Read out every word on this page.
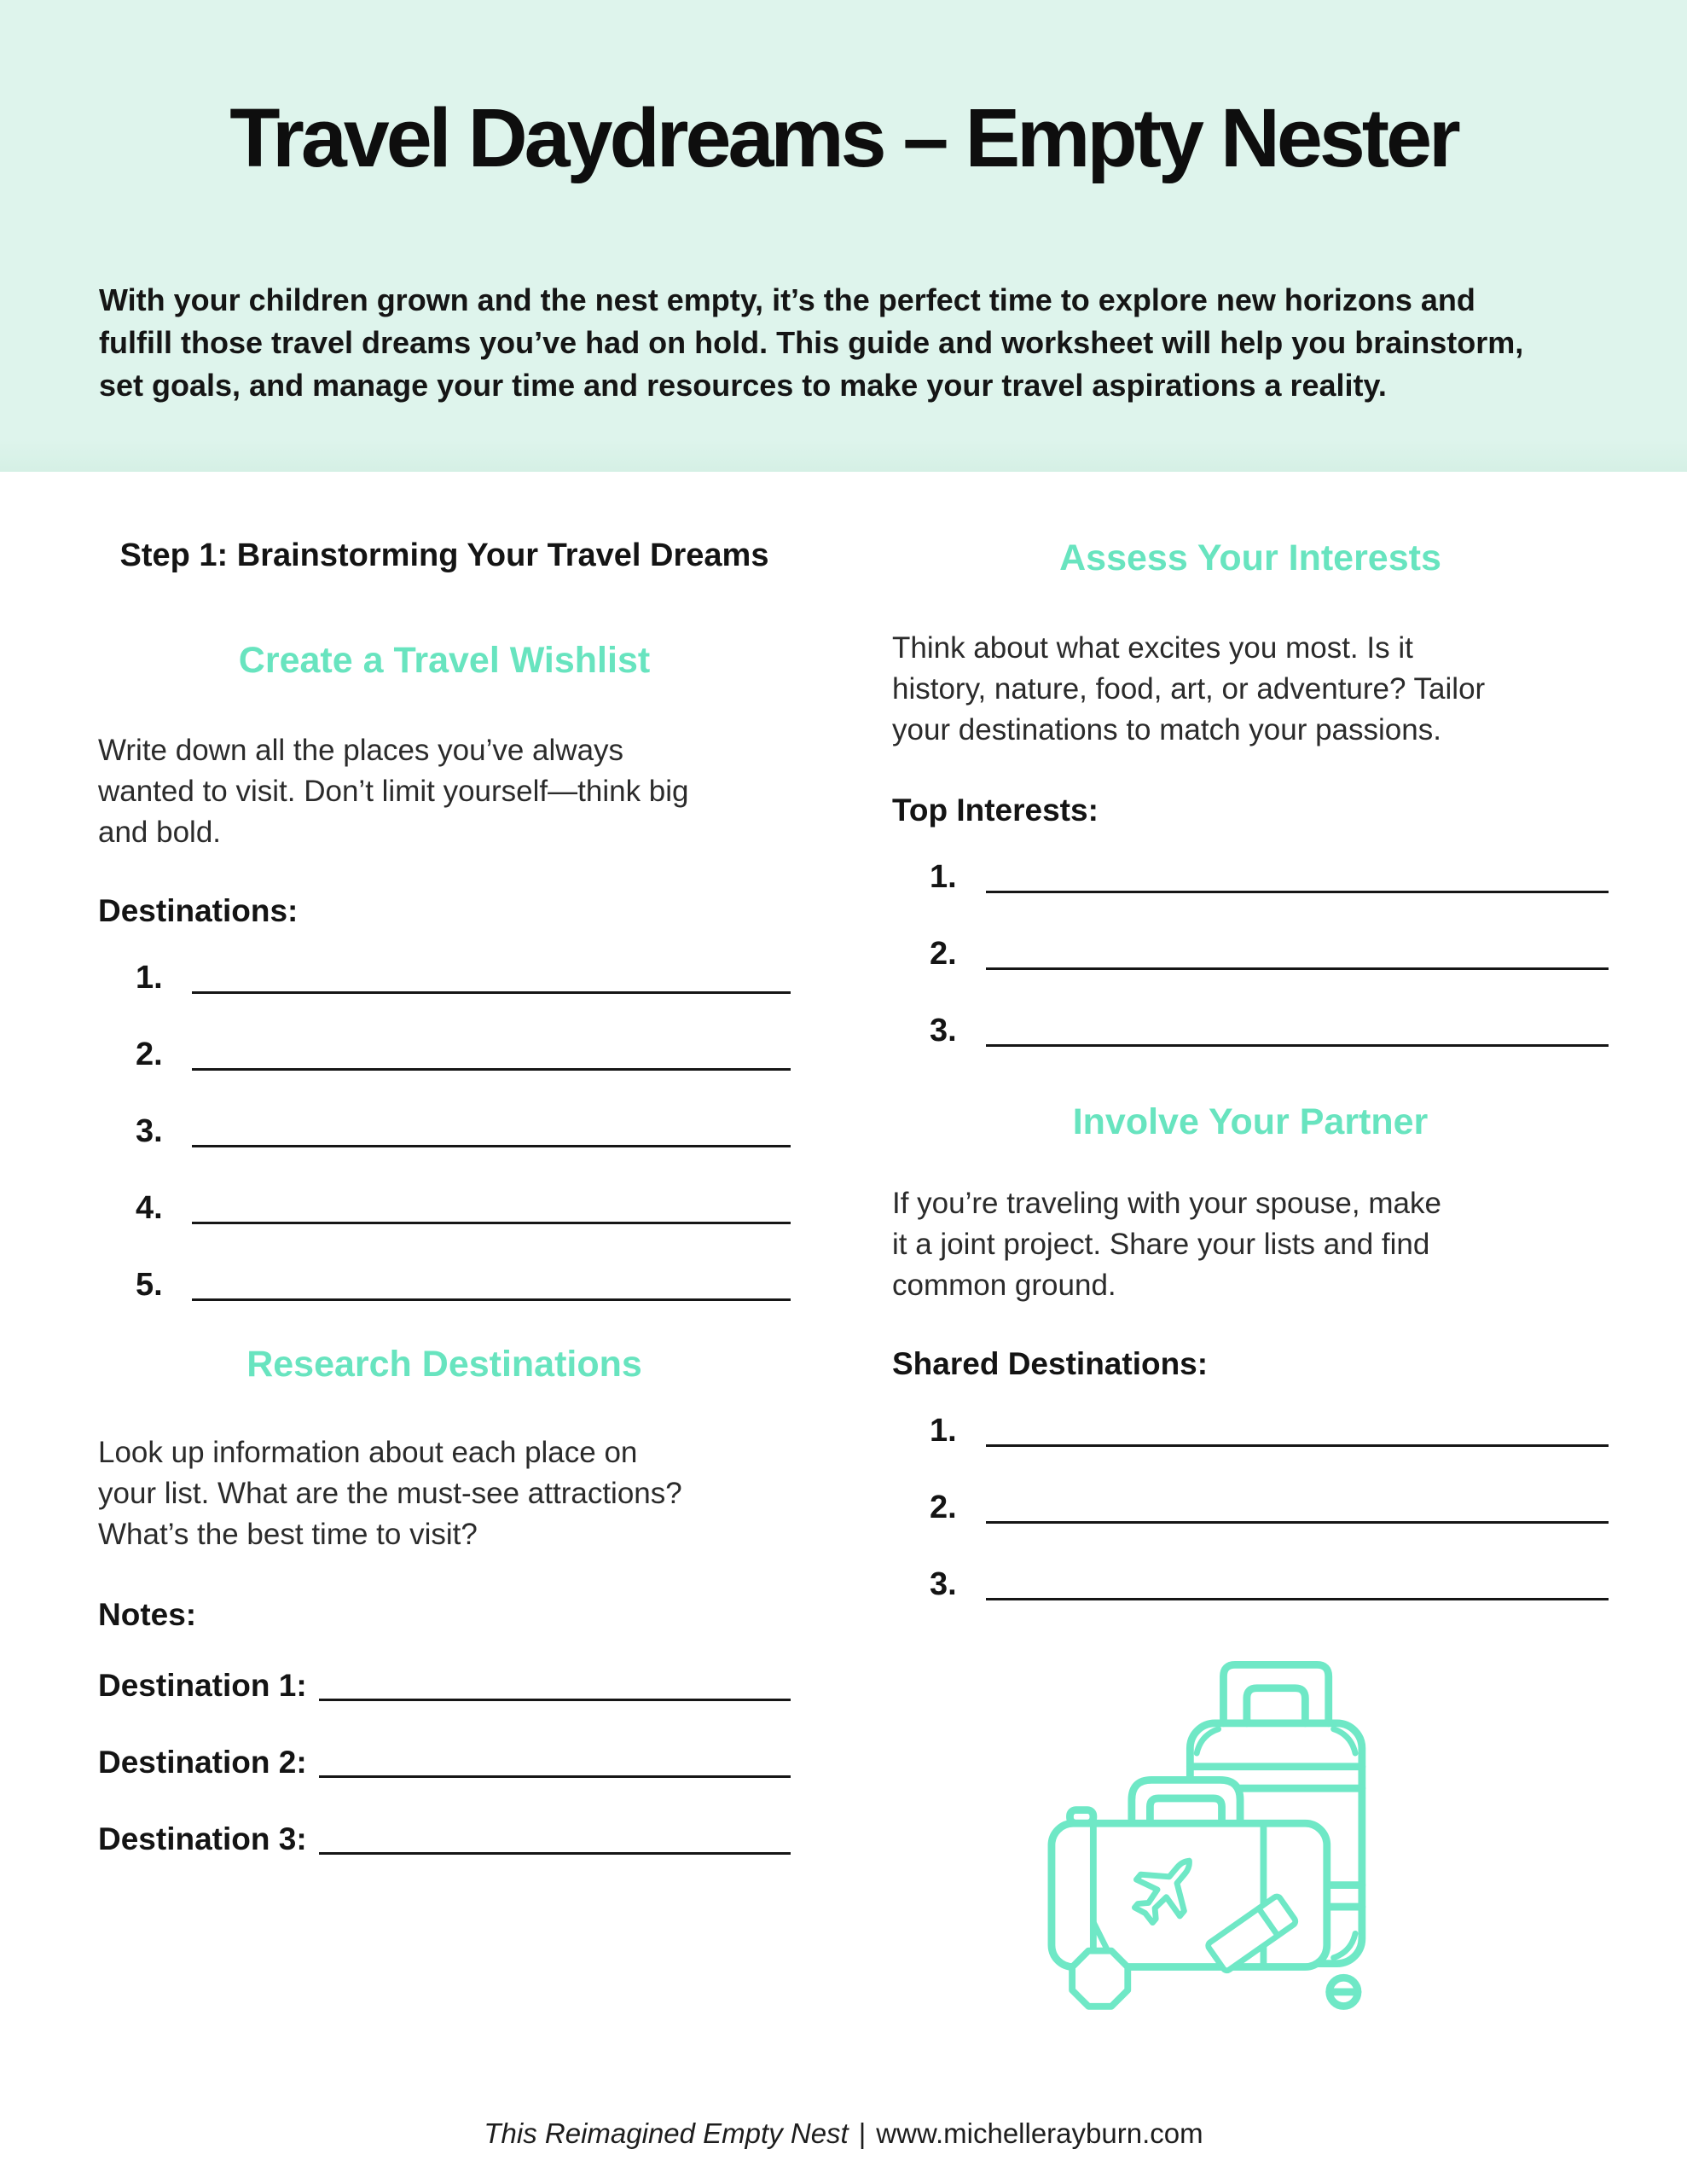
Travel Daydreams – Empty Nester
With your children grown and the nest empty, it’s the perfect time to explore new horizons and
fulfill those travel dreams you’ve had on hold. This guide and worksheet will help you brainstorm,
set goals, and manage your time and resources to make your travel aspirations a reality.
Step 1: Brainstorming Your Travel Dreams
Create a Travel Wishlist

Write down all the places you’ve always
wanted to visit. Don’t limit yourself—think big
and bold.

Destinations:

1.
2.
3.
4.
5.
Research Destinations

Look up information about each place on
your list. What are the must-see attractions?
What’s the best time to visit?

Notes:

Destination 1:
Destination 2:
Destination 3:
Assess Your Interests

Think about what excites you most. Is it
history, nature, food, art, or adventure? Tailor
your destinations to match your passions.

Top Interests:

1.
2.
3.
Involve Your Partner

If you’re traveling with your spouse, make
it a joint project. Share your lists and find
common ground.

Shared Destinations:

1.
2.
3.
This Reimagined Empty Nest | www.michellerayburn.com
